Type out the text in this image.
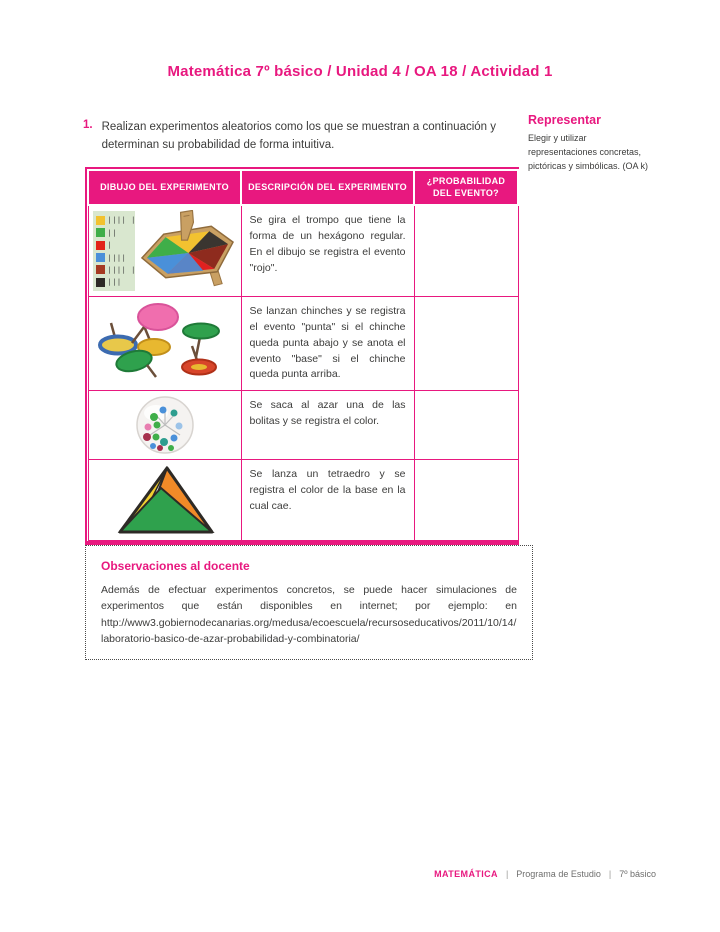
Matemática 7º básico / Unidad 4 / OA 18 / Actividad 1
1. Realizan experimentos aleatorios como los que se muestran a continuación y determinan su probabilidad de forma intuitiva.
Representar

Elegir y utilizar representaciones concretas, pictóricas y simbólicas. (OA k)

DIBUJO DEL EXPERIMENTO	DESCRIPCIÓN DEL EXPERIMENTO	¿PROBABILIDAD DEL EVENTO?

|||| |
||
|
||||
|||| |
|||
	Se gira el trompo que tiene la forma de un hexágono regular. En el dibujo se registra el evento "rojo".	

	Se lanzan chinches y se registra el evento "punta" si el chinche queda punta abajo y se anota el evento "base" si el chinche queda punta arriba.	

	Se saca al azar una de las bolitas y se registra el color.	

	Se lanza un tetraedro y se registra el color de la base en la cual cae.	
Observaciones al docente

Además de efectuar experimentos concretos, se puede hacer simulaciones de experimentos que están disponibles en internet; por ejemplo: en http://www3.gobiernodecanarias.org/medusa/ecoescuela/recursoseducativos/2011/10/14/laboratorio-basico-de-azar-probabilidad-y-combinatoria/

MATEMÁTICA | Programa de Estudio | 7º básico
